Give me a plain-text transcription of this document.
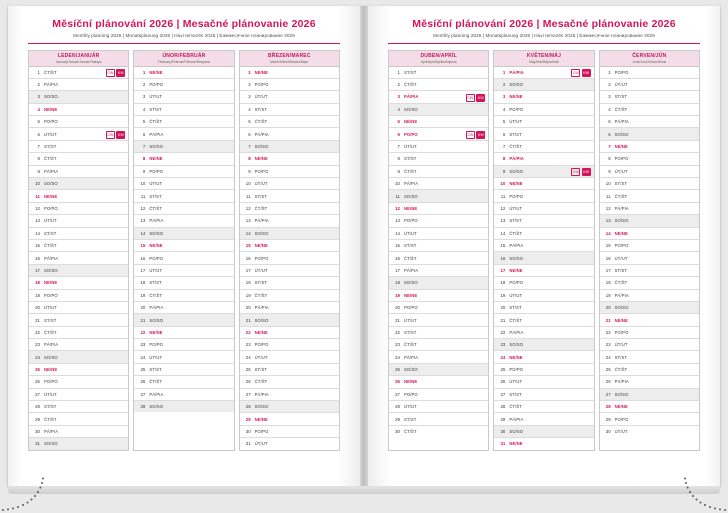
Měsíční plánování 2026 | Mesačné plánovanie 2026
Monthly planning 2026 | Monatsplanung 2026 | Havi tervezés 2026 | Ежемесячное планирование 2026
LEDEN/JANUÁR
January/Januar/Január/Январь
1 ČT/ŠT	CW	KW
2 PÁ/PIA
3 SO/SO
4 NE/NE
5 PO/PO
6 ÚT/UT	CW	KW
7 ST/ST
8 ČT/ŠT
9 PÁ/PIA
10 SO/SO
11 NE/NE
12 PO/PO
13 ÚT/UT
14 ST/ST
15 ČT/ŠT
16 PÁ/PIA
17 SO/SO
18 NE/NE
19 PO/PO
20 ÚT/UT
21 ST/ST
22 ČT/ŠT
23 PÁ/PIA
24 SO/SO
25 NE/NE
26 PO/PO
27 ÚT/UT
28 ST/ST
29 ČT/ŠT
30 PÁ/PIA
31 SO/SO
ÚNOR/FEBRUÁR
February/Februar/Február/Февраль
1 NE/NE
2 PO/PO
3 ÚT/UT
4 ST/ST
5 ČT/ŠT
6 PÁ/PIA
7 SO/SO
8 NE/NE
9 PO/PO
10 ÚT/UT
11 ST/ST
12 ČT/ŠT
13 PÁ/PIA
14 SO/SO
15 NE/NE
16 PO/PO
17 ÚT/UT
18 ST/ST
19 ČT/ŠT
20 PÁ/PIA
21 SO/SO
22 NE/NE
23 PO/PO
24 ÚT/UT
25 ST/ST
26 ČT/ŠT
27 PÁ/PIA
28 SO/SO
BŘEZEN/MAREC
March/März/Március/Март
1 NE/NE
2 PO/PO
3 ÚT/UT
4 ST/ST
5 ČT/ŠT
6 PÁ/PIA
7 SO/SO
8 NE/NE
9 PO/PO
10 ÚT/UT
11 ST/ST
12 ČT/ŠT
13 PÁ/PIA
14 SO/SO
15 NE/NE
16 PO/PO
17 ÚT/UT
18 ST/ST
19 ČT/ŠT
20 PÁ/PIA
21 SO/SO
22 NE/NE
23 PO/PO
24 ÚT/UT
25 ST/ST
26 ČT/ŠT
27 PÁ/PIA
28 SO/SO
29 NE/NE
30 PO/PO
31 ÚT/UT
Měsíční plánování 2026 | Mesačné plánovanie 2026
Monthly planning 2026 | Monatsplanung 2026 | Havi tervezés 2026 | Ежемесячное планирование 2026
DUBEN/APRÍL
April/April/Április/Апрель
1 ST/ST
2 ČT/ŠT
3 PÁ/PIA	CW	KW
4 SO/SO
5 NE/NE
6 PO/PO	CW	KW
7 ÚT/UT
8 ST/ST
9 ČT/ŠT
10 PÁ/PIA
11 SO/SO
12 NE/NE
13 PO/PO
14 ÚT/UT
15 ST/ST
16 ČT/ŠT
17 PÁ/PIA
18 SO/SO
19 NE/NE
20 PO/PO
21 ÚT/UT
22 ST/ST
23 ČT/ŠT
24 PÁ/PIA
25 SO/SO
26 NE/NE
27 PO/PO
28 ÚT/UT
29 ST/ST
30 ČT/ŠT
KVĚTEN/MÁJ
May/Mai/Május/Май
1 PÁ/PIA	CW	KW
2 SO/SO
3 NE/NE
4 PO/PO
5 ÚT/UT
6 ST/ST
7 ČT/ŠT
8 PÁ/PIA
9 SO/SO	CW	KW
10 NE/NE
11 PO/PO
12 ÚT/UT
13 ST/ST
14 ČT/ŠT
15 PÁ/PIA
16 SO/SO
17 NE/NE
18 PO/PO
19 ÚT/UT
20 ST/ST
21 ČT/ŠT
22 PÁ/PIA
23 SO/SO
24 NE/NE
25 PO/PO
26 ÚT/UT
27 ST/ST
28 ČT/ŠT
29 PÁ/PIA
30 SO/SO
31 NE/NE
ČERVEN/JÚN
June/Juni/Június/Июнь
1 PO/PO
2 ÚT/UT
3 ST/ST
4 ČT/ŠT
5 PÁ/PIA
6 SO/SO
7 NE/NE
8 PO/PO
9 ÚT/UT
10 ST/ST
11 ČT/ŠT
12 PÁ/PIA
13 SO/SO
14 NE/NE
15 PO/PO
16 ÚT/UT
17 ST/ST
18 ČT/ŠT
19 PÁ/PIA
20 SO/SO
21 NE/NE
22 PO/PO
23 ÚT/UT
24 ST/ST
25 ČT/ŠT
26 PÁ/PIA
27 SO/SO
28 NE/NE
29 PO/PO
30 ÚT/UT
